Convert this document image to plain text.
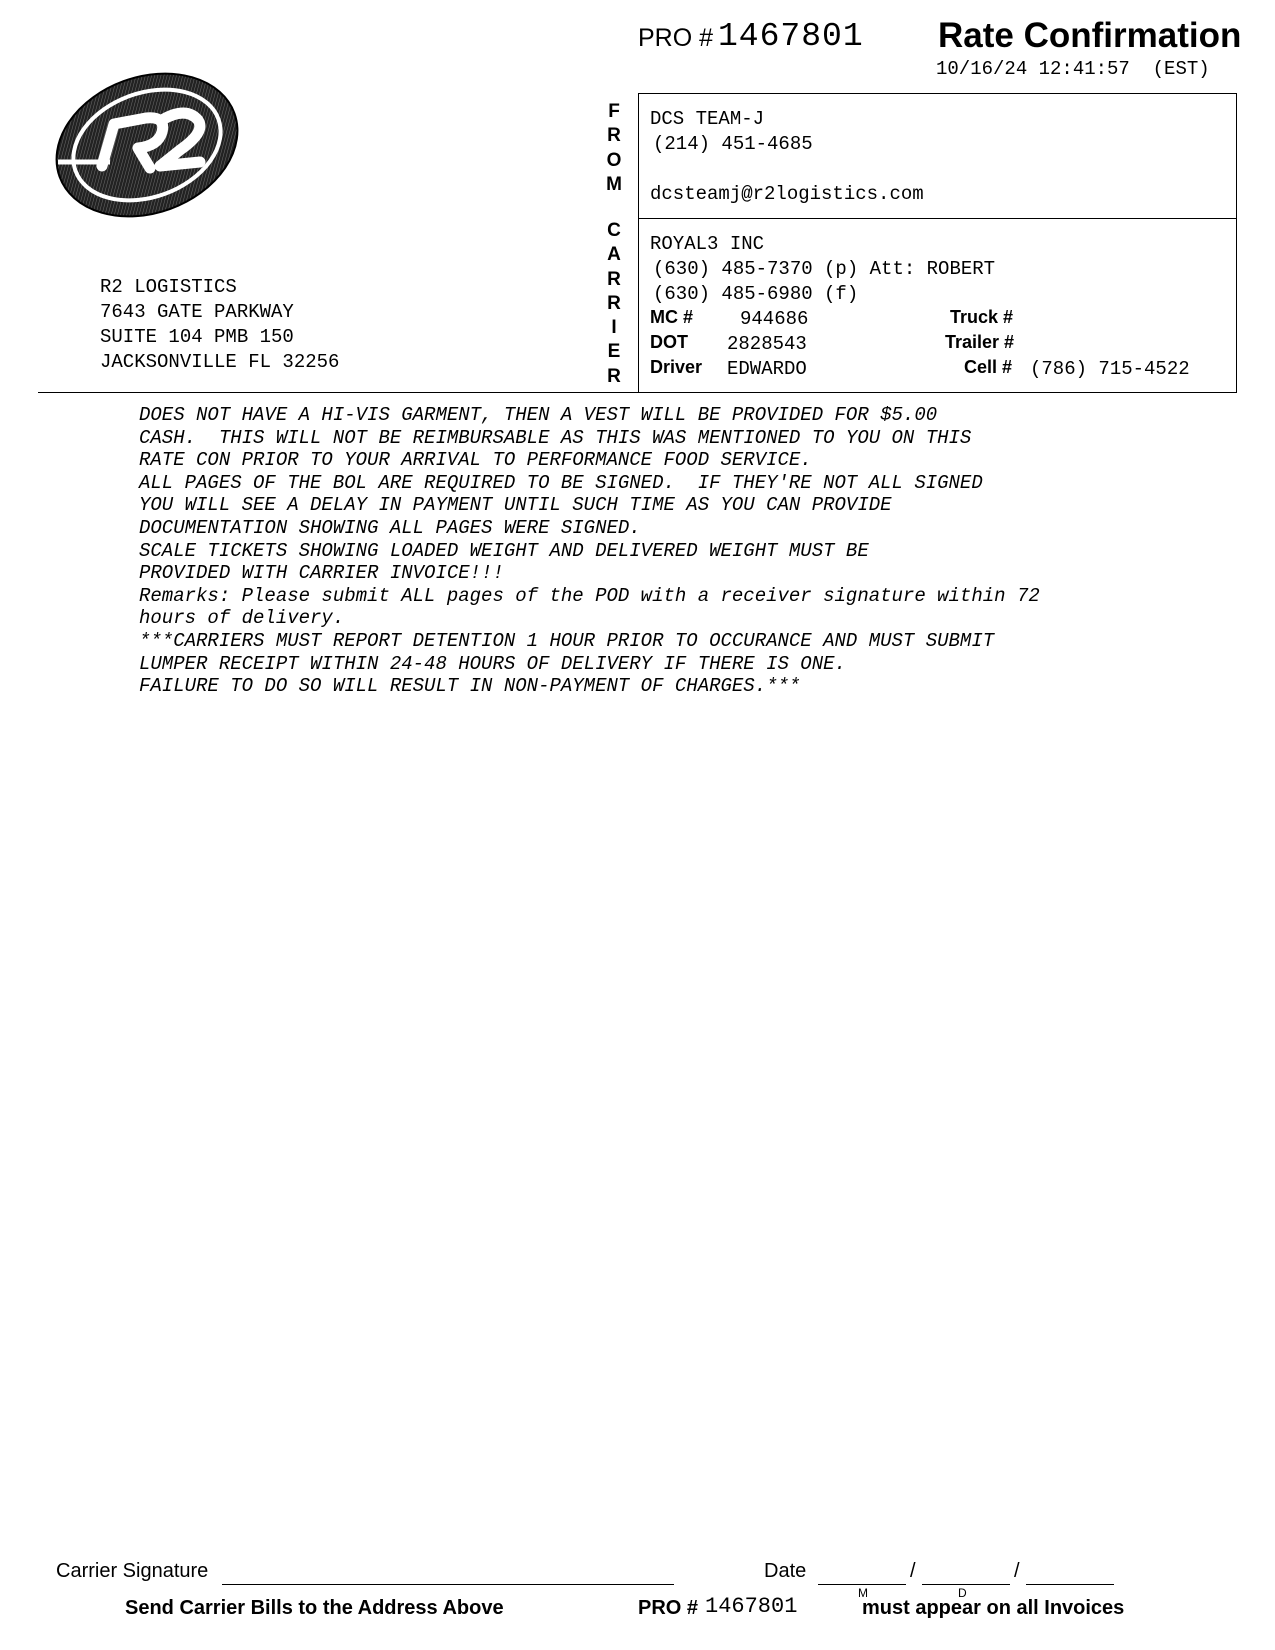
PRO # 1467801 Rate Confirmation
10/16/24 12:41:57  (EST)
R2 LOGISTICS
7643 GATE PARKWAY
SUITE 104 PMB 150
JACKSONVILLE FL 32256
F
R
O
M
C
A
R
R
I
E
R
DCS TEAM-J
(214) 451-4685
dcsteamj@r2logistics.com
ROYAL3 INC
(630) 485-7370 (p) Att: ROBERT
(630) 485-6980 (f)
MC # 944686	Truck #
DOT 2828543	Trailer #
Driver EDWARDO	Cell # (786) 715-4522
DOES NOT HAVE A HI-VIS GARMENT, THEN A VEST WILL BE PROVIDED FOR $5.00
CASH.  THIS WILL NOT BE REIMBURSABLE AS THIS WAS MENTIONED TO YOU ON THIS
RATE CON PRIOR TO YOUR ARRIVAL TO PERFORMANCE FOOD SERVICE.
ALL PAGES OF THE BOL ARE REQUIRED TO BE SIGNED.  IF THEY'RE NOT ALL SIGNED
YOU WILL SEE A DELAY IN PAYMENT UNTIL SUCH TIME AS YOU CAN PROVIDE
DOCUMENTATION SHOWING ALL PAGES WERE SIGNED.
SCALE TICKETS SHOWING LOADED WEIGHT AND DELIVERED WEIGHT MUST BE
PROVIDED WITH CARRIER INVOICE!!!
Remarks: Please submit ALL pages of the POD with a receiver signature within 72
hours of delivery.
***CARRIERS MUST REPORT DETENTION 1 HOUR PRIOR TO OCCURANCE AND MUST SUBMIT
LUMPER RECEIPT WITHIN 24-48 HOURS OF DELIVERY IF THERE IS ONE.
FAILURE TO DO SO WILL RESULT IN NON-PAYMENT OF CHARGES.***
Carrier Signature	Date	/	/
M	D
Send Carrier Bills to the Address Above	PRO # 1467801	must appear on all Invoices
